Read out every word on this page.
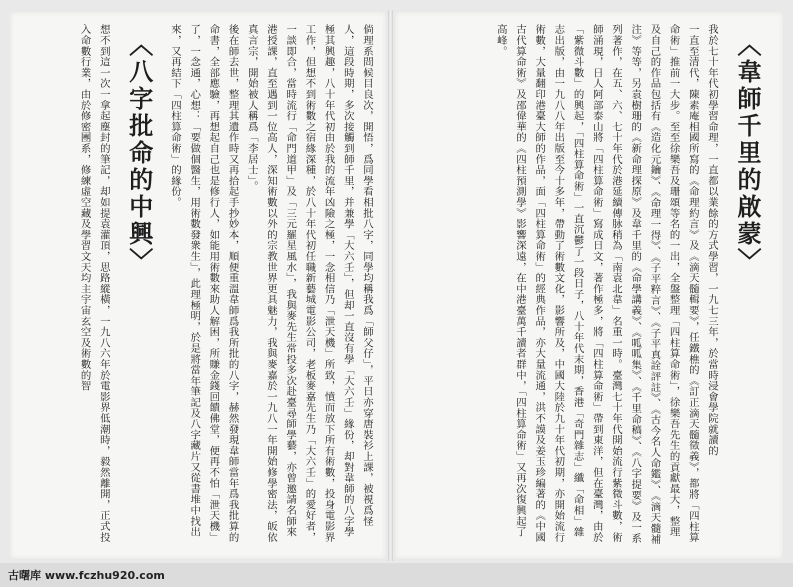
〈韋師千里的啟蒙〉

我於七十年代初學習命理，一直都以業餘的方式學習，一九七三年，於當時浸會學院就讀的

一直至清代，陳素庵相國所寫的《命理約言》及《滴天髓輯要》，任鐵樵的《訂正滴天髓徵義》，都將「四柱算命術」推前一大步。至至徐樂吾及珊頌等名的一出，全盤整理「四柱算命術」，徐樂吾先生的貢獻最大，整理及自己的作品包括有《造化元鑰》、《命理一得》、《子平粹言》、《子平真詮評註》、《古今名人命鑑》、《滴天髓補注》等等，另袁樹珊的《新命理探原》及韋千里的《命學講義》、《呱呱集》、《千里命稿》、《八字提要》及一系列著作，在五、六、七十年代於港延續傳脉稍為「南袁北韋」名重一時。臺灣七十年代開始流行紫微斗數，術師涌現，日人阿部泰山將「四柱算命術」寫成日文，著作極多，將「四柱算命術」帶到東洋，但在臺灣，由於「紫微斗數」的興起，「四柱算命術」一直沉鬱了一段日子，八十年代末期，香港「奇門雜志」纖「命相」雜志出版，由一九八八年出版至今十多年，帶動了術數文化，影響所及，中國大陸於九十年代初期，亦開始流行術數，大量翻印港臺大師的作品，面「四柱算命術」的經典作品，亦大量流通，洪不謨及姜玉珍編著的《中國古代算命術》及邵偉華的《四柱預測學》影響深遠，在中港臺萬千讀者群中，「四柱算命術」又再次復興起了高峰。

倘理系問候目良次，開悟，爲同學看相批八字，同學均稱我爲「師父仔」，平日亦穿唐裝衫上課，被視爲怪人，這段時期，多次接觸到師千里，并兼學「大六壬」，但却一直沒有學「大六壬」緣份，却對韋師的八字學極其興趣，八十年代初由於我的流年凶險之極，一念相信乃「泄天機」所致，憤而放下所有術數，投身電影界工作，但想不到術數之宿緣深種，於八十年代初任職新藝城電影公司，老板麥嘉先生乃「大六壬」的愛好者，一談即合，當時流行「命門道甲」及「三元羅星風水」，我與麥先生常投多次赴臺尋師學藝，亦曾邀請名師來港授課，直至遇到一位高人，深知術數以外的宗教世界更具魅力，我與麥嘉於一九八一年開始修學密法，皈依真言宗，開始被人稱爲「李居士」。

後在師去世，整理其遺作時又再拾起手抄妙本，順便重溫韋師爲我所批的八字，赫然發現韋師當年爲我批算的命書，全部應驗，再想起自己也是修行人，如能用術數來助人解困，所賺金錢回饋佛堂，便再不怕「泄天機」了，一念通，心想：「要做個醫生，用術數發衆生」，此理極明，於是將當年筆記及八字藏片又從書堆中找出來，又再結下「四柱算命術」的緣份。

〈八字批命的中興〉

想不到這一次一拿起塵封的筆記，却如提袁灌頂，思路縱橫，一九八六年於電影界低潮時，毅然離開，正式投入命數行業，由於修密團系，修練虛空藏及學習文天均主宇宙玄空及術數的智

古曙库 www.fczhu920.com
